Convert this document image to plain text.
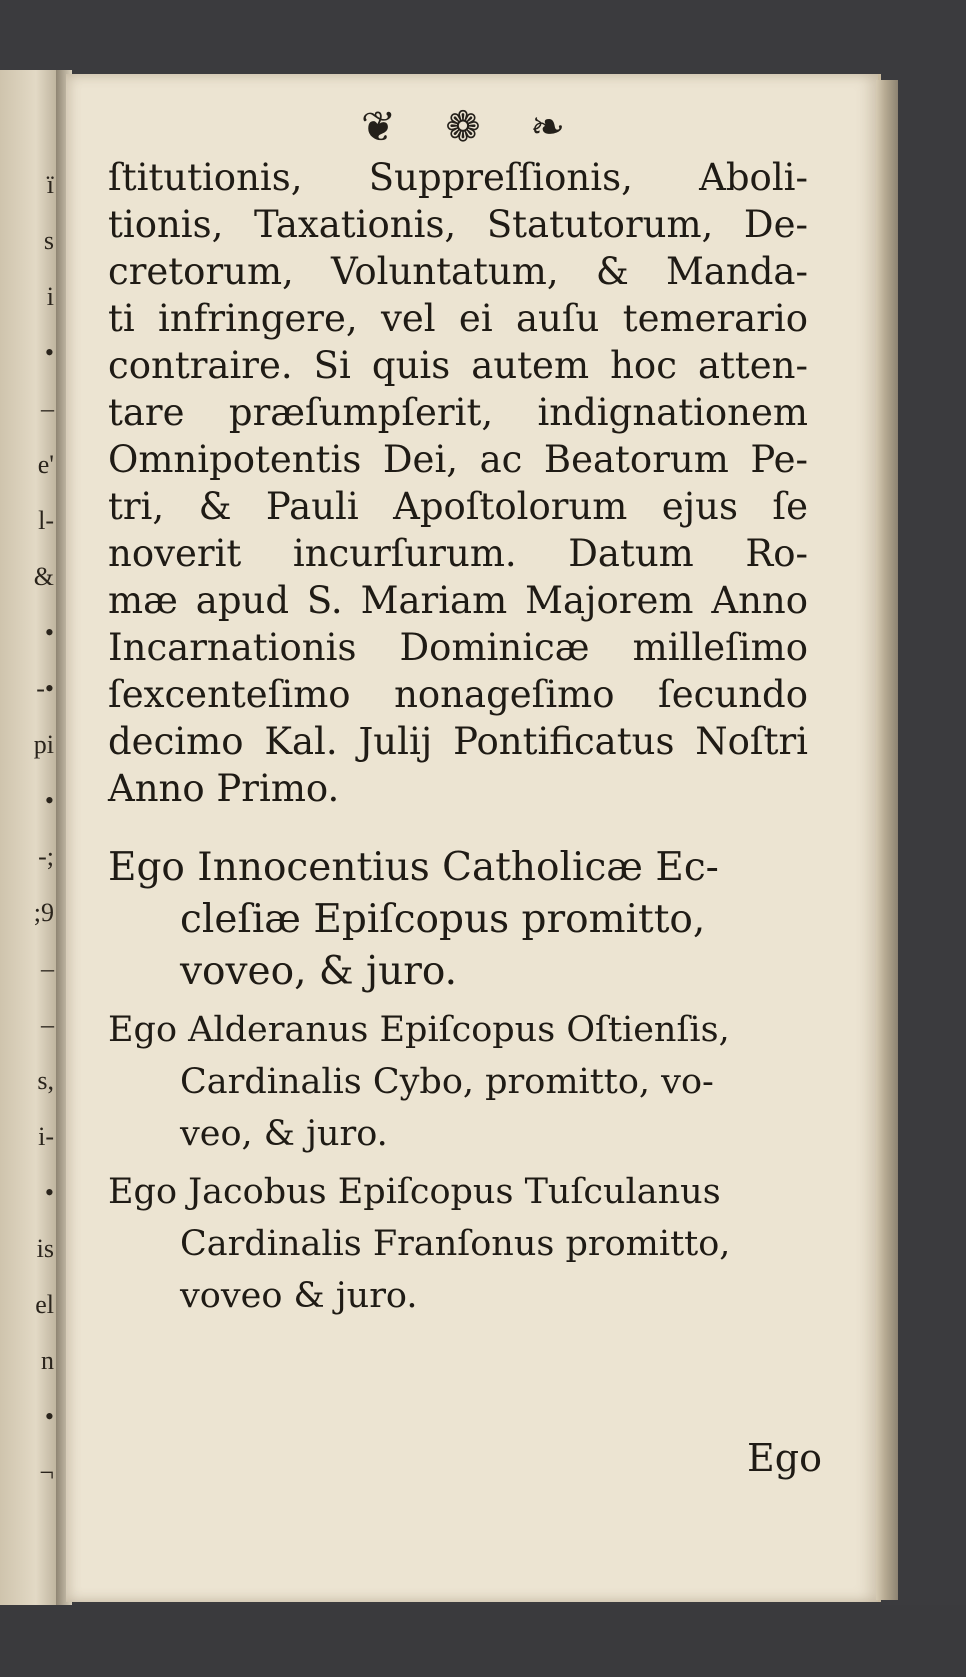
ï
s
i
•
–
e'
l-
&
•
-•
pi
•
-;
;9
–
–
s,
i-
•
is
el
n
•
¬
❦ ❁ ❧

ſtitutionis, Suppreſſionis, Aboli-
tionis, Taxationis, Statutorum, De-
cretorum, Voluntatum, & Manda-
ti infringere, vel ei auſu temerario
contraire. Si quis autem hoc atten-
tare præſumpſerit, indignationem
Omnipotentis Dei, ac Beatorum Pe-
tri, & Pauli Apoſtolorum ejus ſe
noverit incurſurum. Datum Ro-
mæ apud S. Mariam Majorem Anno
Incarnationis Dominicæ milleſimo
ſexcenteſimo nonageſimo ſecundo
decimo Kal. Julij Pontificatus Noſtri
Anno Primo.

Ego Innocentius Catholicæ Ec-
cleſiæ Epiſcopus promitto,
voveo, & juro.

Ego Alderanus Epiſcopus Oſtienſis,
Cardinalis Cybo, promitto, vo-
veo, & juro.

Ego Jacobus Epiſcopus Tuſculanus
Cardinalis Franſonus promitto,
voveo & juro.

Ego
